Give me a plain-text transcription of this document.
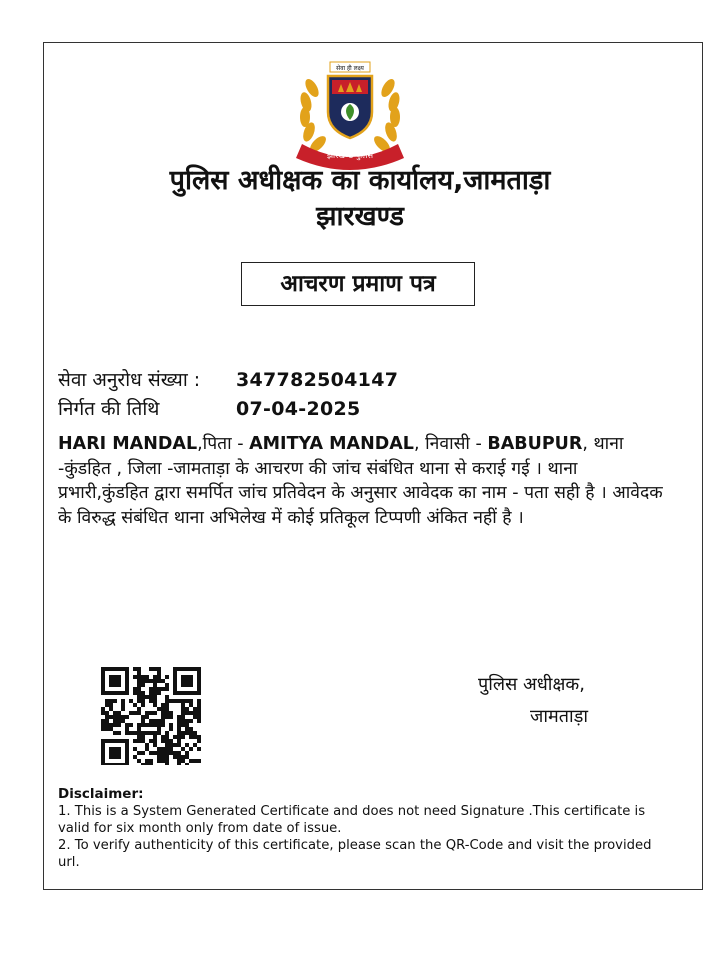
सेवा ही लक्ष्य
झारखण्ड पुलिस
पुलिस अधीक्षक का कार्यालय,जामताड़ा
झारखण्ड
आचरण प्रमाण पत्र
सेवा अनुरोध संख्या : 347782504147
निर्गत की तिथि	07-04-2025
HARI MANDAL,पिता - AMITYA MANDAL, निवासी - BABUPUR, थाना -कुंडहित , जिला -जामताड़ा के आचरण की जांच संबंधित थाना से कराई गई । थाना प्रभारी,कुंडहित द्वारा समर्पित जांच प्रतिवेदन के अनुसार आवेदक का नाम - पता सही है । आवेदक के विरुद्ध संबंधित थाना अभिलेख में कोई प्रतिकूल टिप्पणी अंकित नहीं है ।
पुलिस अधीक्षक,
जामताड़ा
Disclaimer:
1. This is a System Generated Certificate and does not need Signature .This certificate is valid for six month only from date of issue.
2. To verify authenticity of this certificate, please scan the QR-Code and visit the provided url.
